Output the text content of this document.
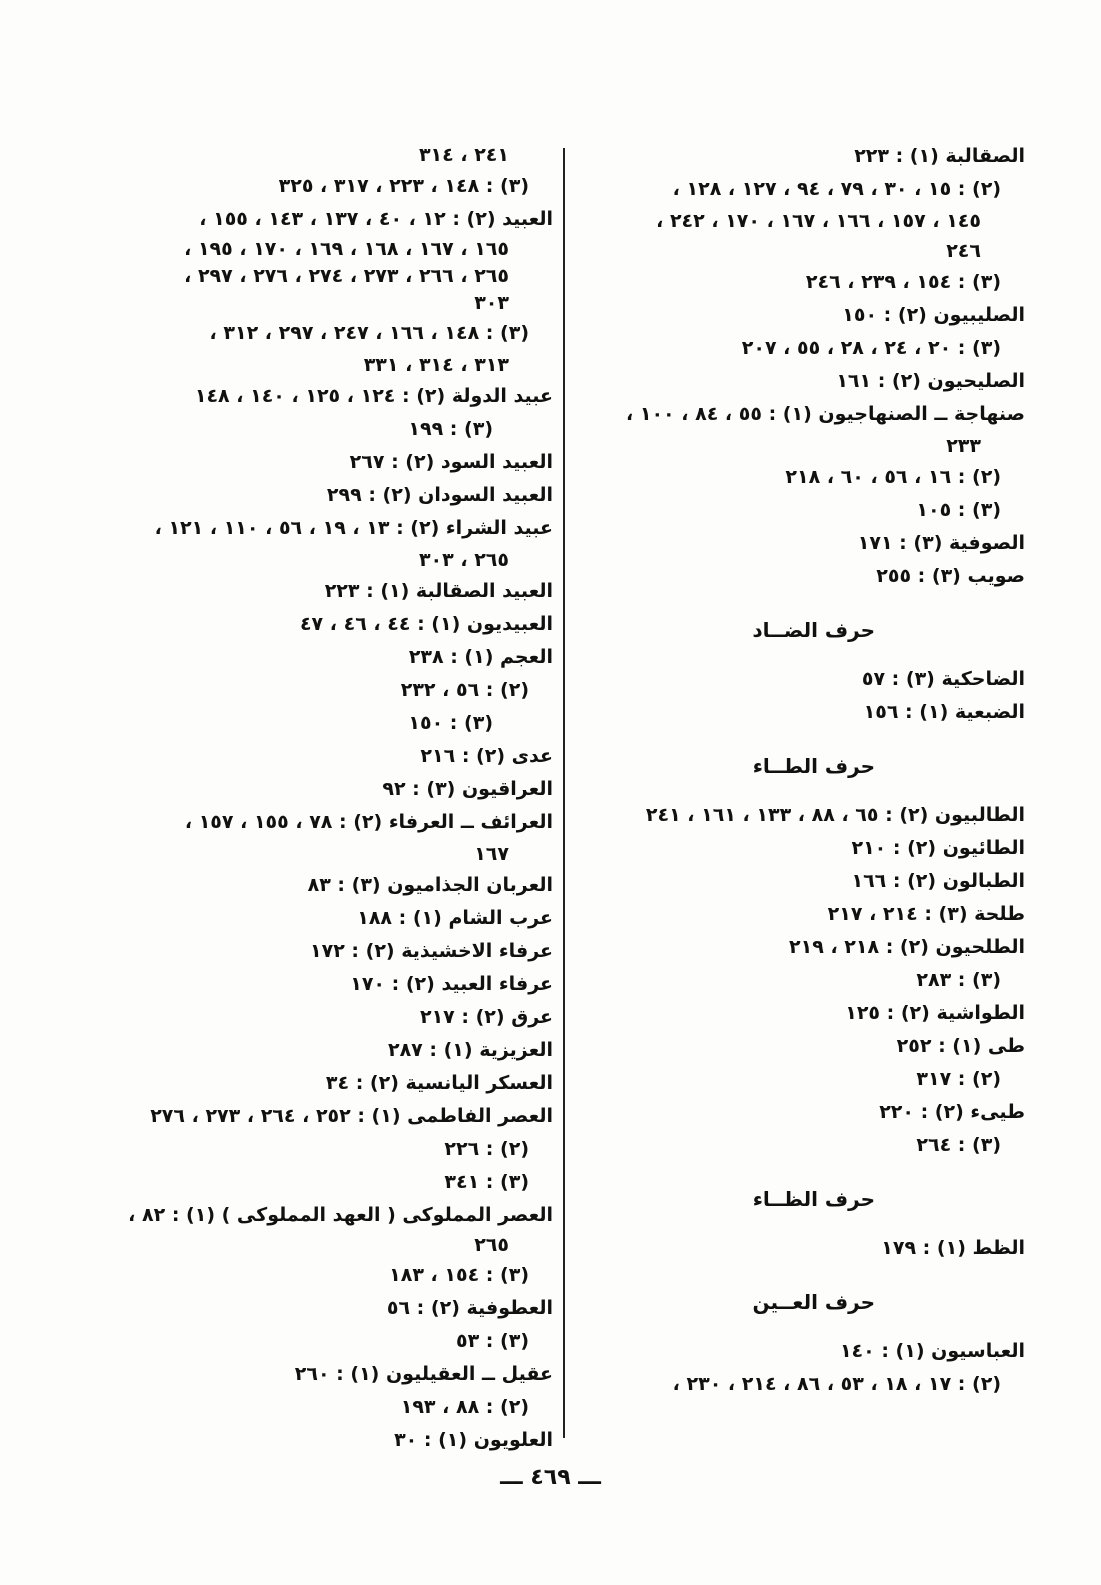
الصقالبة (١) : ٢٢٣
(٢) : ١٥ ، ٣٠ ، ٧٩ ، ٩٤ ، ١٢٧ ، ١٢٨ ،
١٤٥ ، ١٥٧ ، ١٦٦ ، ١٦٧ ، ١٧٠ ، ٢٤٢ ،
٢٤٦
(٣) : ١٥٤ ، ٢٣٩ ، ٢٤٦
الصليبيون (٢) : ١٥٠
(٣) : ٢٠ ، ٢٤ ، ٢٨ ، ٥٥ ، ٢٠٧
الصليحيون (٢) : ١٦١
صنهاجة ــ الصنهاجيون (١) : ٥٥ ، ٨٤ ، ١٠٠ ،
٢٣٣
(٢) : ١٦ ، ٥٦ ، ٦٠ ، ٢١٨
(٣) : ١٠٥
الصوفية (٣) : ١٧١
صويب (٣) : ٢٥٥
حرف الضــاد
الضاحكية (٣) : ٥٧
الضبعية (١) : ١٥٦
حرف الطــاء
الطالبيون (٢) : ٦٥ ، ٨٨ ، ١٣٣ ، ١٦١ ، ٢٤١
الطائيون (٢) : ٢١٠
الطبالون (٢) : ١٦٦
طلحة (٣) : ٢١٤ ، ٢١٧
الطلحيون (٢) : ٢١٨ ، ٢١٩
(٣) : ٢٨٣
الطواشية (٢) : ١٢٥
طى (١) : ٢٥٢
(٢) : ٣١٧
طيىء (٢) : ٢٢٠
(٣) : ٢٦٤
حرف الظــاء
الظط (١) : ١٧٩
حرف العــين
العباسيون (١) : ١٤٠
(٢) : ١٧ ، ١٨ ، ٥٣ ، ٨٦ ، ٢١٤ ، ٢٣٠ ،
٢٤١ ، ٣١٤
(٣) : ١٤٨ ، ٢٢٣ ، ٣١٧ ، ٣٢٥
العبيد (٢) : ١٢ ، ٤٠ ، ١٣٧ ، ١٤٣ ، ١٥٥ ،
١٦٥ ، ١٦٧ ، ١٦٨ ، ١٦٩ ، ١٧٠ ، ١٩٥ ،
٢٦٥ ، ٢٦٦ ، ٢٧٣ ، ٢٧٤ ، ٢٧٦ ، ٢٩٧ ،
٣٠٣
(٣) : ١٤٨ ، ١٦٦ ، ٢٤٧ ، ٢٩٧ ، ٣١٢ ،
٣١٣ ، ٣١٤ ، ٣٣١
عبيد الدولة (٢) : ١٢٤ ، ١٢٥ ، ١٤٠ ، ١٤٨
(٣) : ١٩٩
العبيد السود (٢) : ٢٦٧
العبيد السودان (٢) : ٢٩٩
عبيد الشراء (٢) : ١٣ ، ١٩ ، ٥٦ ، ١١٠ ، ١٢١ ،
٢٦٥ ، ٣٠٣
العبيد الصقالبة (١) : ٢٢٣
العبيديون (١) : ٤٤ ، ٤٦ ، ٤٧
العجم (١) : ٢٣٨
(٢) : ٥٦ ، ٢٣٢
(٣) : ١٥٠
عدى (٢) : ٢١٦
العراقيون (٣) : ٩٢
العرائف ــ العرفاء (٢) : ٧٨ ، ١٥٥ ، ١٥٧ ،
١٦٧
العربان الجذاميون (٣) : ٨٣
عرب الشام (١) : ١٨٨
عرفاء الاخشيذية (٢) : ١٧٢
عرفاء العبيد (٢) : ١٧٠
عرق (٢) : ٢١٧
العزيزية (١) : ٢٨٧
العسكر اليانسية (٢) : ٣٤
العصر الفاطمى (١) : ٢٥٢ ، ٢٦٤ ، ٢٧٣ ، ٢٧٦
(٢) : ٢٢٦
(٣) : ٣٤١
العصر المملوكى ( العهد المملوكى ) (١) : ٨٢ ،
٢٦٥
(٣) : ١٥٤ ، ١٨٣
العطوفية (٢) : ٥٦
(٣) : ٥٣
عقيل ــ العقيليون (١) : ٢٦٠
(٢) : ٨٨ ، ١٩٣
العلويون (١) : ٣٠
ـــ ٤٦٩ ـــ
